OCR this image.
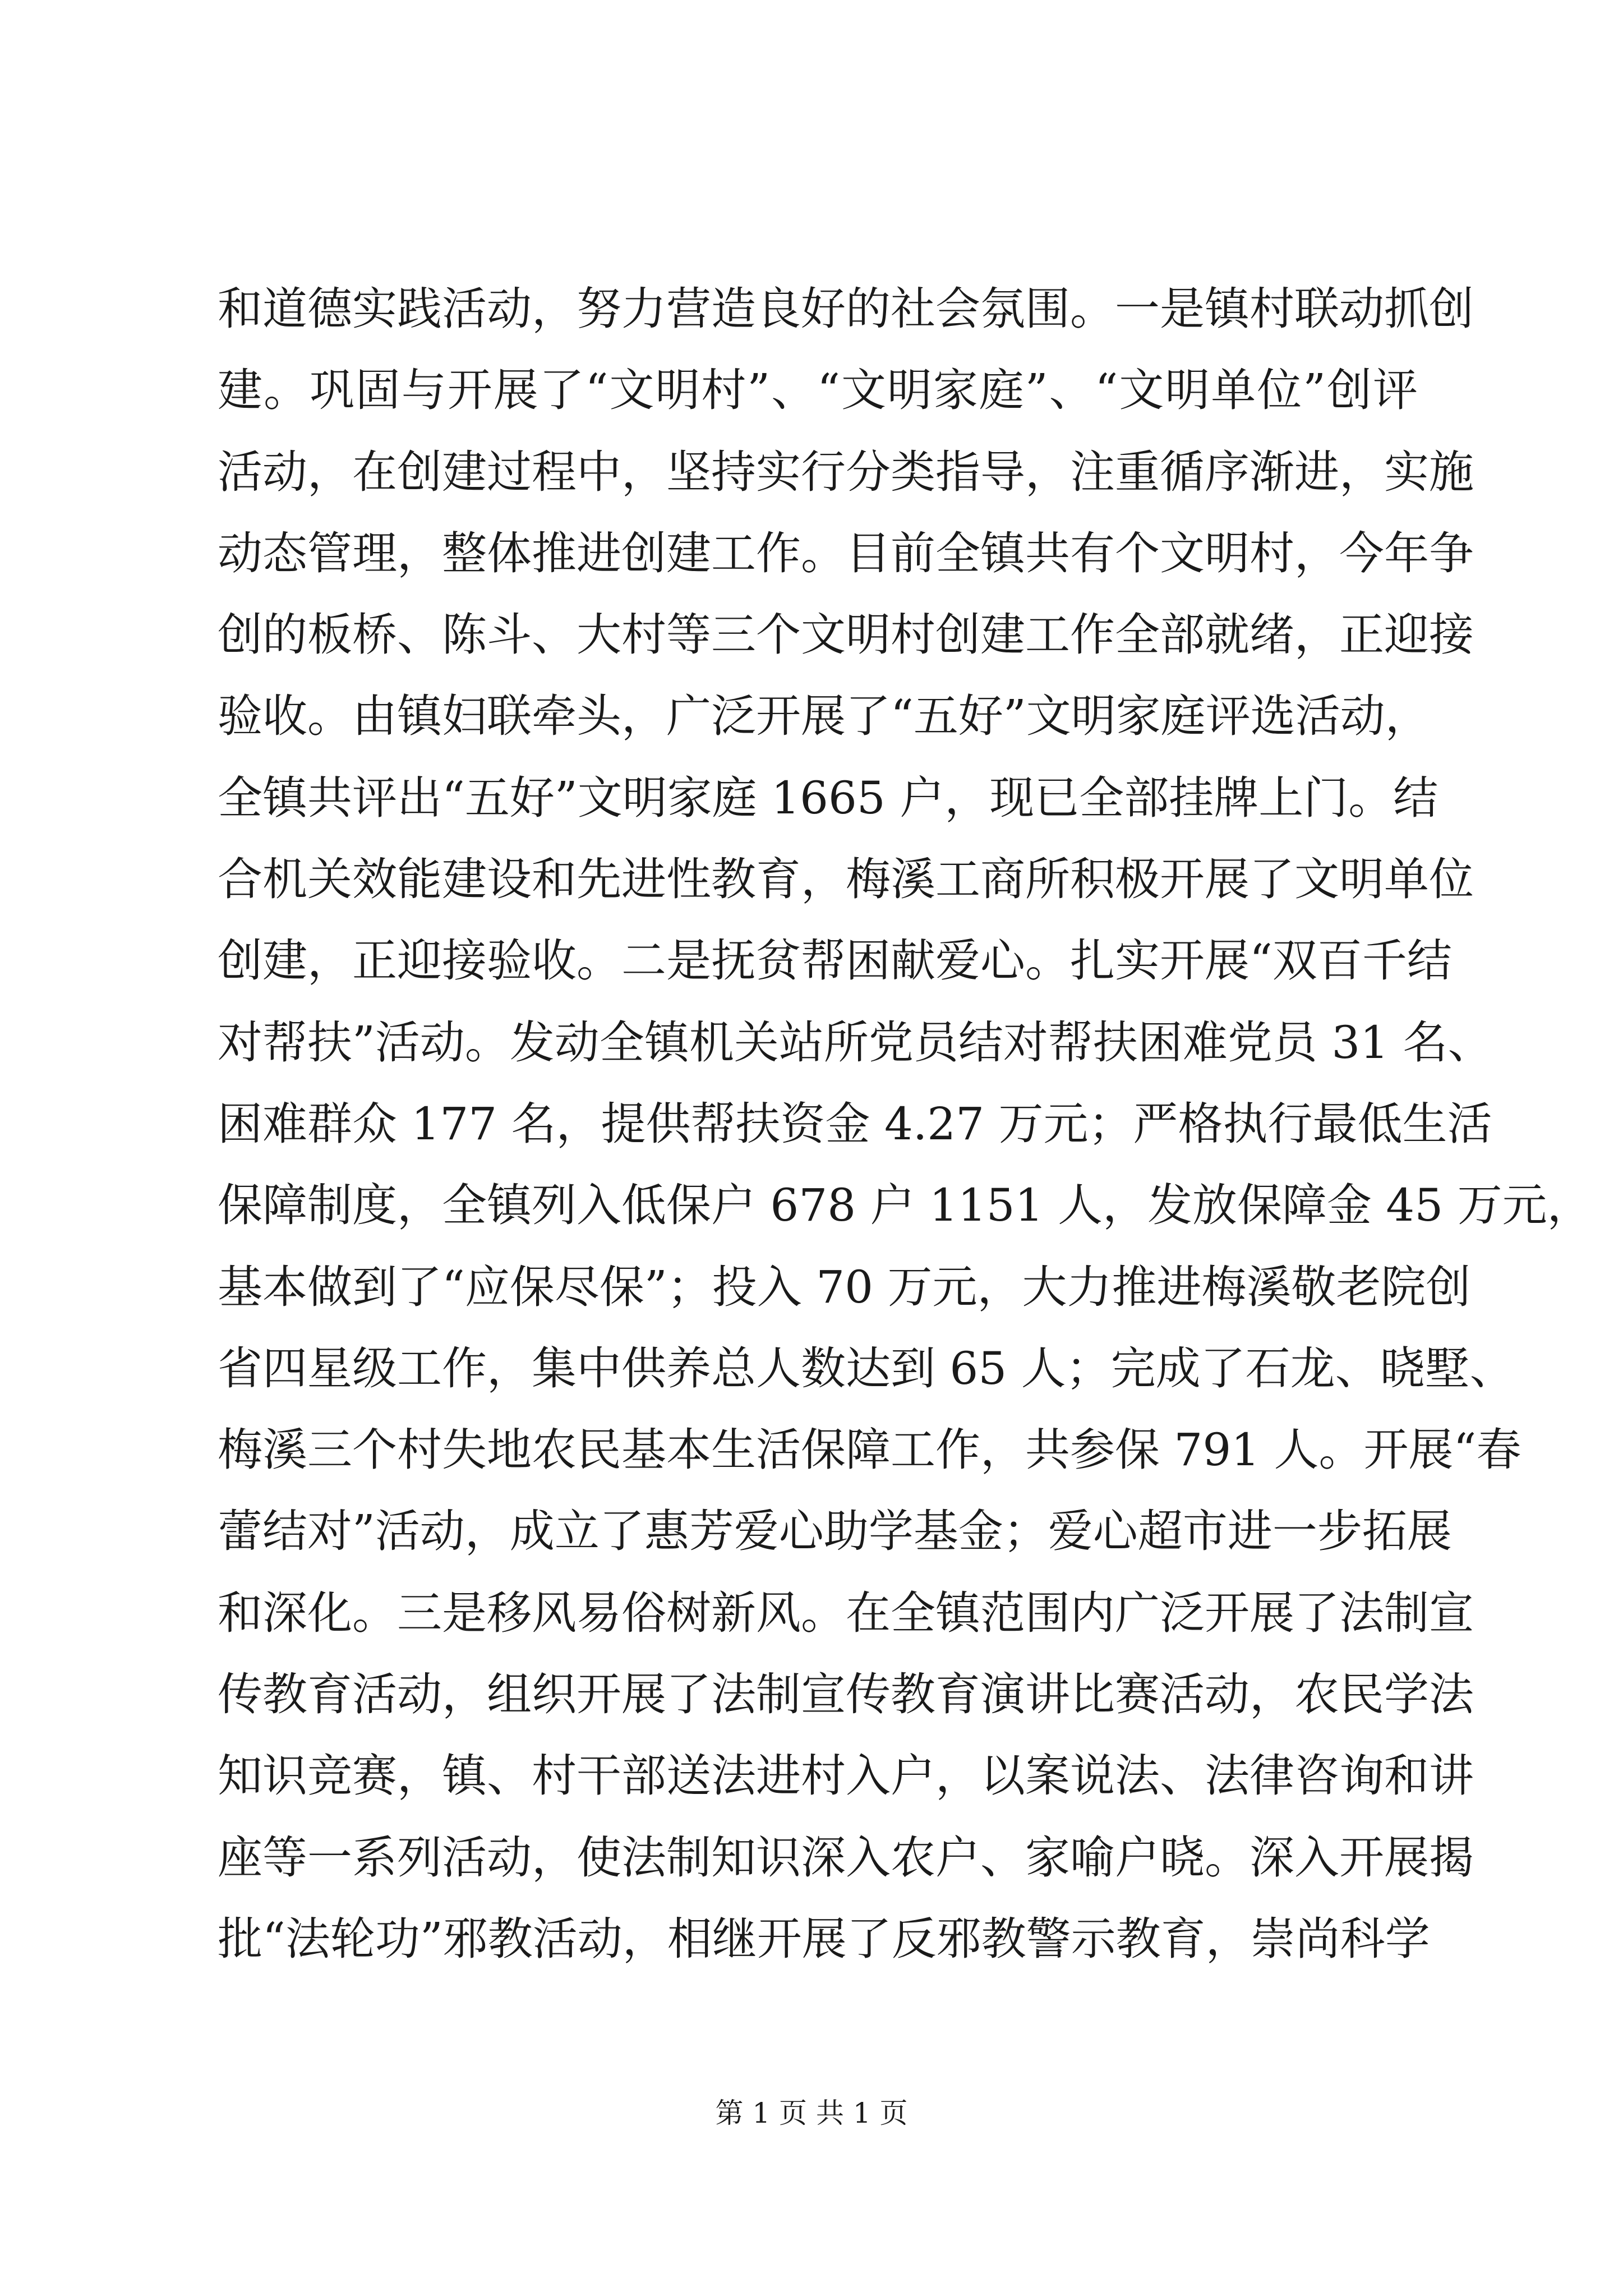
和道德实践活动，努力营造良好的社会氛围。一是镇村联动抓创
建。巩固与开展了“文明村”、“文明家庭”、“文明单位”创评
活动，在创建过程中，坚持实行分类指导，注重循序渐进，实施
动态管理，整体推进创建工作。目前全镇共有个文明村，今年争
创的板桥、陈斗、大村等三个文明村创建工作全部就绪，正迎接
验收。由镇妇联牵头，广泛开展了“五好”文明家庭评选活动，
全镇共评出“五好”文明家庭 1665 户，现已全部挂牌上门。结
合机关效能建设和先进性教育，梅溪工商所积极开展了文明单位
创建，正迎接验收。二是抚贫帮困献爱心。扎实开展“双百千结
对帮扶”活动。发动全镇机关站所党员结对帮扶困难党员 31 名、
困难群众 177 名，提供帮扶资金 4.27 万元；严格执行最低生活
保障制度，全镇列入低保户 678 户 1151 人，发放保障金 45 万元，
基本做到了“应保尽保”；投入 70 万元，大力推进梅溪敬老院创
省四星级工作，集中供养总人数达到 65 人；完成了石龙、晓墅、
梅溪三个村失地农民基本生活保障工作，共参保 791 人。开展“春
蕾结对”活动，成立了惠芳爱心助学基金；爱心超市进一步拓展
和深化。三是移风易俗树新风。在全镇范围内广泛开展了法制宣
传教育活动，组织开展了法制宣传教育演讲比赛活动，农民学法
知识竞赛，镇、村干部送法进村入户，以案说法、法律咨询和讲
座等一系列活动，使法制知识深入农户、家喻户晓。深入开展揭
批“法轮功”邪教活动，相继开展了反邪教警示教育，崇尚科学
第 1 页 共 1 页
